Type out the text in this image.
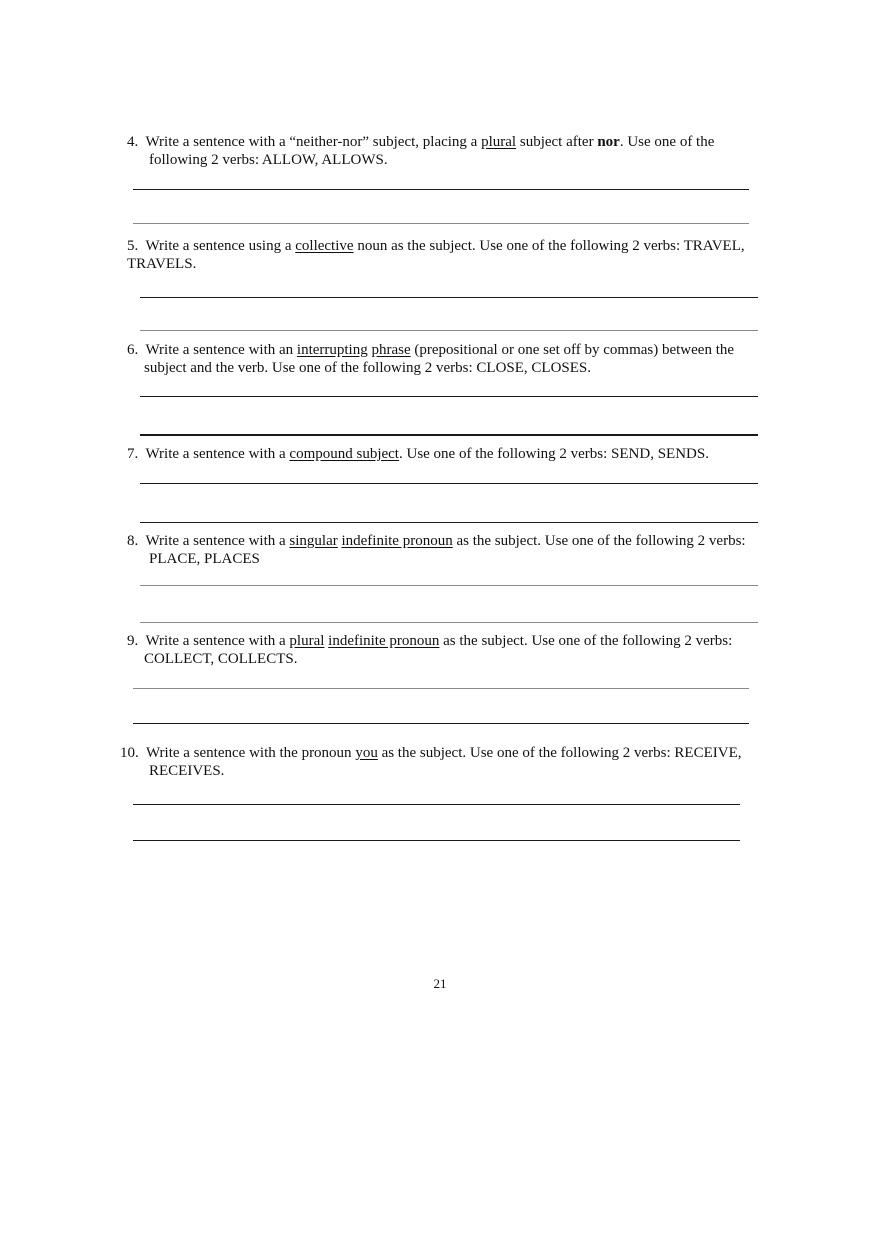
4. Write a sentence with a “neither-nor” subject, placing a plural subject after nor. Use one of the
following 2 verbs: ALLOW, ALLOWS.
5. Write a sentence using a collective noun as the subject. Use one of the following 2 verbs: TRAVEL,
TRAVELS.
6. Write a sentence with an interrupting phrase (prepositional or one set off by commas) between the
subject and the verb. Use one of the following 2 verbs: CLOSE, CLOSES.
7. Write a sentence with a compound subject. Use one of the following 2 verbs: SEND, SENDS.
8. Write a sentence with a singular indefinite pronoun as the subject. Use one of the following 2 verbs:
PLACE, PLACES
9. Write a sentence with a plural indefinite pronoun as the subject. Use one of the following 2 verbs:
COLLECT, COLLECTS.
10. Write a sentence with the pronoun you as the subject. Use one of the following 2 verbs: RECEIVE,
RECEIVES.
21
